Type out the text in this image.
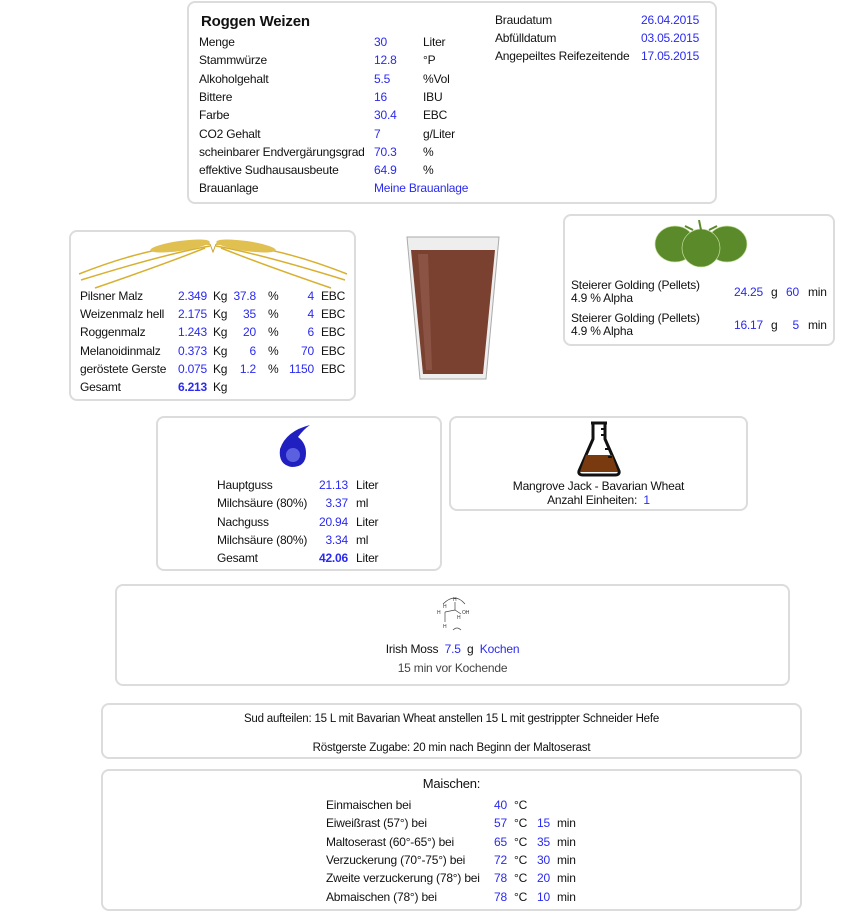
Roggen Weizen
Menge	30	Liter
Stammwürze	12.8 °P
Alkoholgehalt	5.5	%Vol
Bittere	16	IBU
Farbe	30.4 EBC
CO2 Gehalt	7	g/Liter
scheinbarer Endvergärungsgrad 70.3 %
effektive Sudhausausbeute	64.9 %
Brauanlage	Meine Brauanlage
Braudatum	26.04.2015
Abfülldatum	03.05.2015
Angepeiltes Reifezeitende 17.05.2015
Pilsner Malz	2.349 Kg 37.8 %	4 EBC
Weizenmalz hell	2.175 Kg	35 %	4 EBC
Roggenmalz	1.243 Kg	20 %	6 EBC
Melanoidinmalz	0.373 Kg	6 %	70 EBC
geröstete Gerste 0.075 Kg	1.2 % 1150 EBC
Gesamt	6.213 Kg
Steierer Golding (Pellets)
4.9 % Alpha	24.25 g 60 min
Steierer Golding (Pellets)
4.9 % Alpha	16.17 g	5 min
Hauptguss	21.13 Liter
Milchsäure (80%)	3.37 ml
Nachguss	20.94 Liter
Milchsäure (80%)	3.34 ml
Gesamt	42.06 Liter
Mangrove Jack - Bavarian Wheat
Anzahl Einheiten: 1
H
H
H
OH
H
H
Irish Moss 7.5 g Kochen
15 min vor Kochende
Sud aufteilen: 15 L mit Bavarian Wheat anstellen 15 L mit gestrippter Schneider Hefe
Röstgerste Zugabe: 20 min nach Beginn der Maltoserast
Maischen:
Einmaischen bei	40 °C
Eiweißrast (57°) bei	57 °C 15 min
Maltoserast (60°-65°) bei	65 °C 35 min
Verzuckerung (70°-75°) bei	72 °C 30 min
Zweite verzuckerung (78°) bei	78 °C 20 min
Abmaischen (78°) bei	78 °C 10 min
